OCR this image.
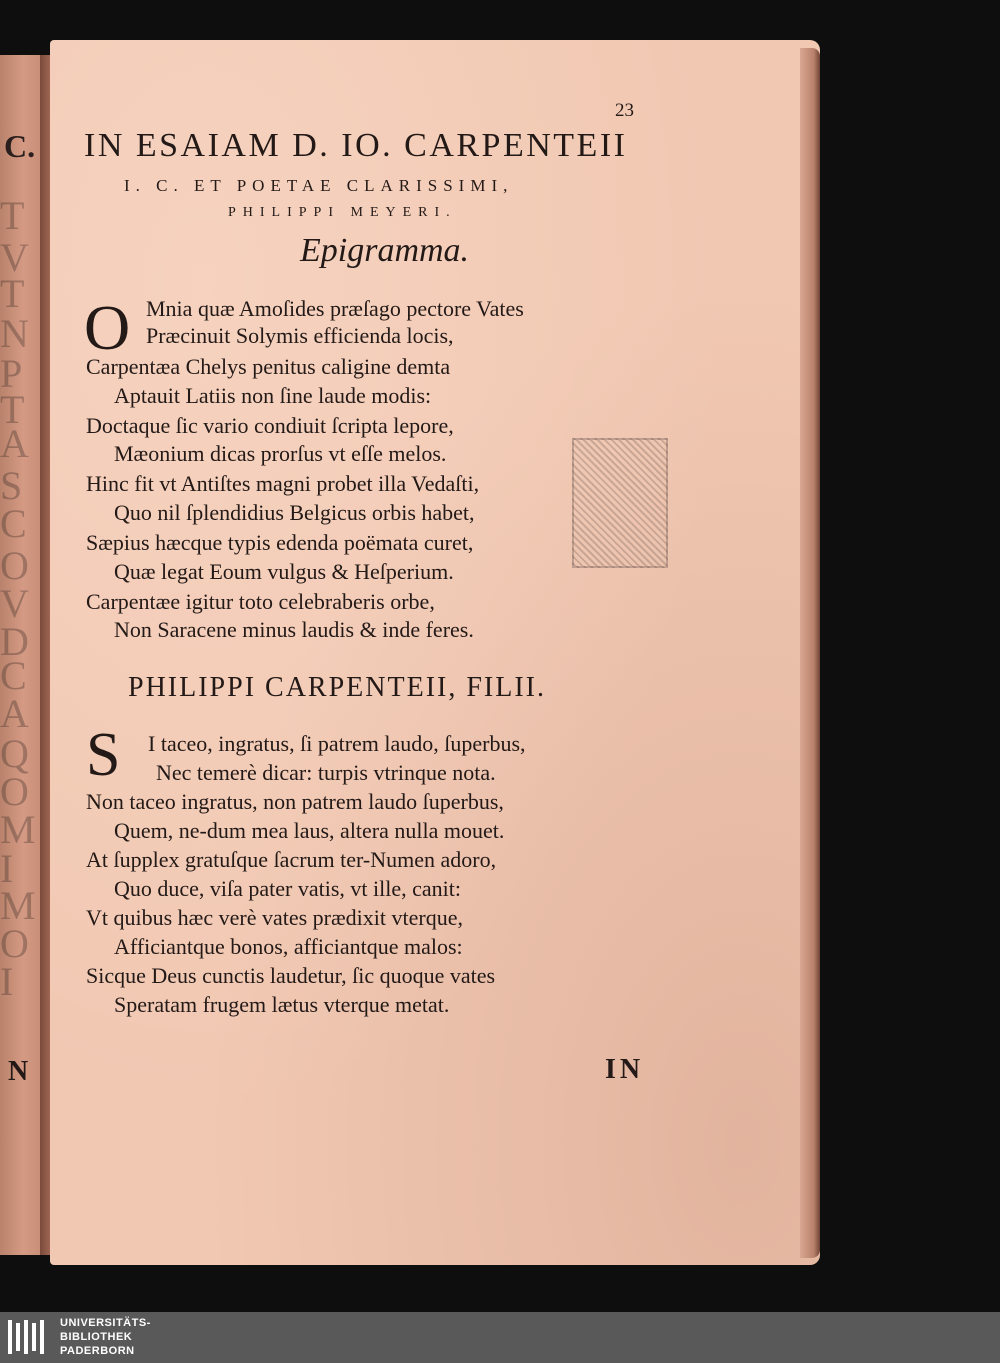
C.
T
V
T
N
P
T
A
S
C
O
V
D
C
A
Q
O
M
I
M
O
I
N
23
IN ESAIAM D. IO. CARPENTEII
I. C. ET POETAE CLARISSIMI,
PHILIPPI MEYERI.
Epigramma.
O Mnia quæ Amoſides præſago pectore Vates
Præcinuit Solymis efficienda locis,
Carpentæa Chelys penitus caligine demta
Aptauit Latiis non ſine laude modis:
Doctaque ſic vario condiuit ſcripta lepore,
Mæonium dicas prorſus vt eſſe melos.
Hinc fit vt Antiſtes magni probet illa Vedaſti,
Quo nil ſplendidius Belgicus orbis habet,
Sæpius hæcque typis edenda poëmata curet,
Quæ legat Eoum vulgus & Heſperium.
Carpentæe igitur toto celebraberis orbe,
Non Saracene minus laudis & inde feres.
PHILIPPI CARPENTEII, FILII.
S I taceo, ingratus, ſi patrem laudo, ſuperbus,
Nec temerè dicar: turpis vtrinque nota.
Non taceo ingratus, non patrem laudo ſuperbus,
Quem, ne-dum mea laus, altera nulla mouet.
At ſupplex gratuſque ſacrum ter-Numen adoro,
Quo duce, viſa pater vatis, vt ille, canit:
Vt quibus hæc verè vates prædixit vterque,
Afficiantque bonos, afficiantque malos:
Sicque Deus cunctis laudetur, ſic quoque vates
Speratam frugem lætus vterque metat.
IN
UNIVERSITÄTS-
BIBLIOTHEK
PADERBORN
